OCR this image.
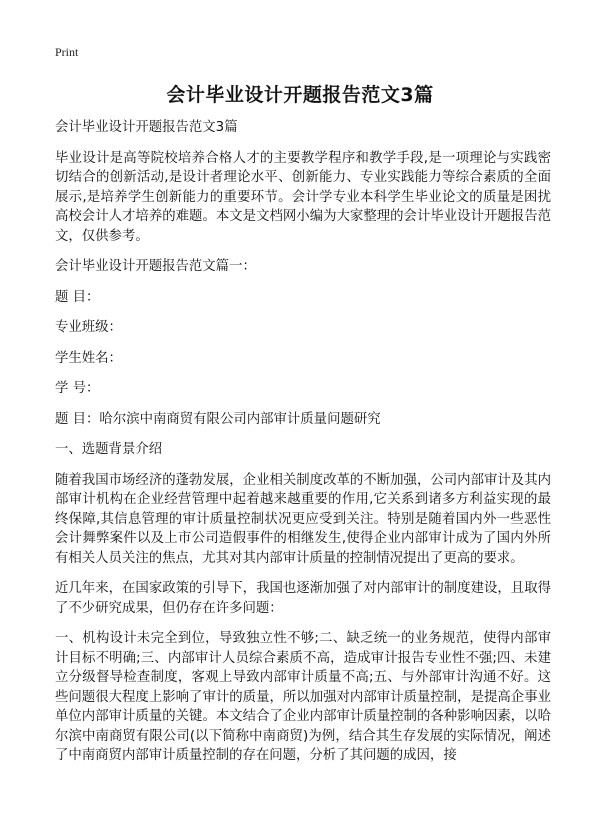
Print
会计毕业设计开题报告范文3篇

会计毕业设计开题报告范文3篇

毕业设计是高等院校培养合格人才的主要教学程序和教学手段,是一项理论与实践密切结合的创新活动,是设计者理论水平、创新能力、专业实践能力等综合素质的全面展示,是培养学生创新能力的重要环节。会计学专业本科学生毕业论文的质量是困扰高校会计人才培养的难题。本文是文档网小编为大家整理的会计毕业设计开题报告范文，仅供参考。

会计毕业设计开题报告范文篇一：

题 目：

专业班级：

学生姓名：

学 号：

题 目：哈尔滨中南商贸有限公司内部审计质量问题研究

一、选题背景介绍

随着我国市场经济的蓬勃发展，企业相关制度改革的不断加强，公司内部审计及其内部审计机构在企业经营管理中起着越来越重要的作用,它关系到诸多方利益实现的最终保障,其信息管理的审计质量控制状况更应受到关注。特别是随着国内外一些恶性会计舞弊案件以及上市公司造假事件的相继发生,使得企业内部审计成为了国内外所有相关人员关注的焦点，尤其对其内部审计质量的控制情况提出了更高的要求。

近几年来，在国家政策的引导下，我国也逐渐加强了对内部审计的制度建设，且取得了不少研究成果，但仍存在许多问题：

一、机构设计未完全到位，导致独立性不够;二、缺乏统一的业务规范，使得内部审计目标不明确;三、内部审计人员综合素质不高，造成审计报告专业性不强;四、未建立分级督导检查制度，客观上导致内部审计质量不高;五、与外部审计沟通不好。这些问题很大程度上影响了审计的质量，所以加强对内部审计质量控制，是提高企事业单位内部审计质量的关键。本文结合了企业内部审计质量控制的各种影响因素，以哈尔滨中南商贸有限公司(以下简称中南商贸)为例，结合其生存发展的实际情况，阐述了中南商贸内部审计质量控制的存在问题，分析了其问题的成因，接
